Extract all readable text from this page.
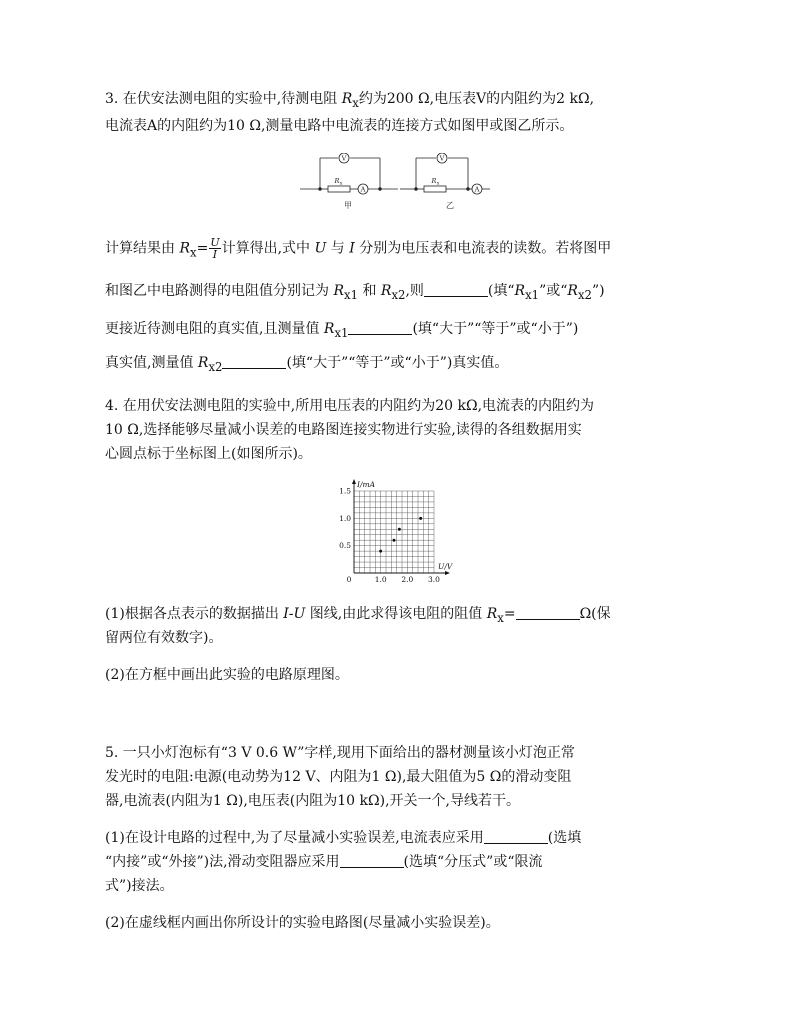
3. 在伏安法测电阻的实验中,待测电阻 $R_x$约为200 Ω,电压表V的内阻约为2 kΩ,
电流表A的内阻约为10 Ω,测量电路中电流表的连接方式如图甲或图乙所示。
V
A
V
A
R x	R x
甲	乙
计算结果由 $R_x= \frac{U}{I}$ 计算得出,式中 U 与 I 分别为电压表和电流表的读数。若将图甲
和图乙中电路测得的电阻值分别记为 $R_{x1}$ 和 $R_{x2}$,则	(填“$R_{x1}$”或“$R_{x2}$”)
更接近待测电阻的真实值,且测量值 $R_{x1}$	(填“大于”“等于”或“小于”)
真实值,测量值 $R_{x2}$	(填“大于”“等于”或“小于”)真实值。
4. 在用伏安法测电阻的实验中,所用电压表的内阻约为20 kΩ,电流表的内阻约为
10 Ω,选择能够尽量减小误差的电路图连接实物进行实验,读得的各组数据用实
心圆点标于坐标图上(如图所示)。
0	1.0 2.0 3.0
0.5
1.0
1.5
U/V
I/mA
(1)根据各点表示的数据描出 I-U 图线,由此求得该电阻的阻值 $R_x=$	Ω(保
留两位有效数字)。
(2)在方框中画出此实验的电路原理图。
5. 一只小灯泡标有“3 V 0.6 W”字样,现用下面给出的器材测量该小灯泡正常
发光时的电阻:电源(电动势为12 V、内阻为1 Ω),最大阻值为5 Ω的滑动变阻
器,电流表(内阻为1 Ω),电压表(内阻为10 kΩ),开关一个,导线若干。
(1)在设计电路的过程中,为了尽量减小实验误差,电流表应采用	(选填
“内接”或“外接”)法,滑动变阻器应采用	(选填“分压式”或“限流
式”)接法。
(2)在虚线框内画出你所设计的实验电路图(尽量减小实验误差)。
